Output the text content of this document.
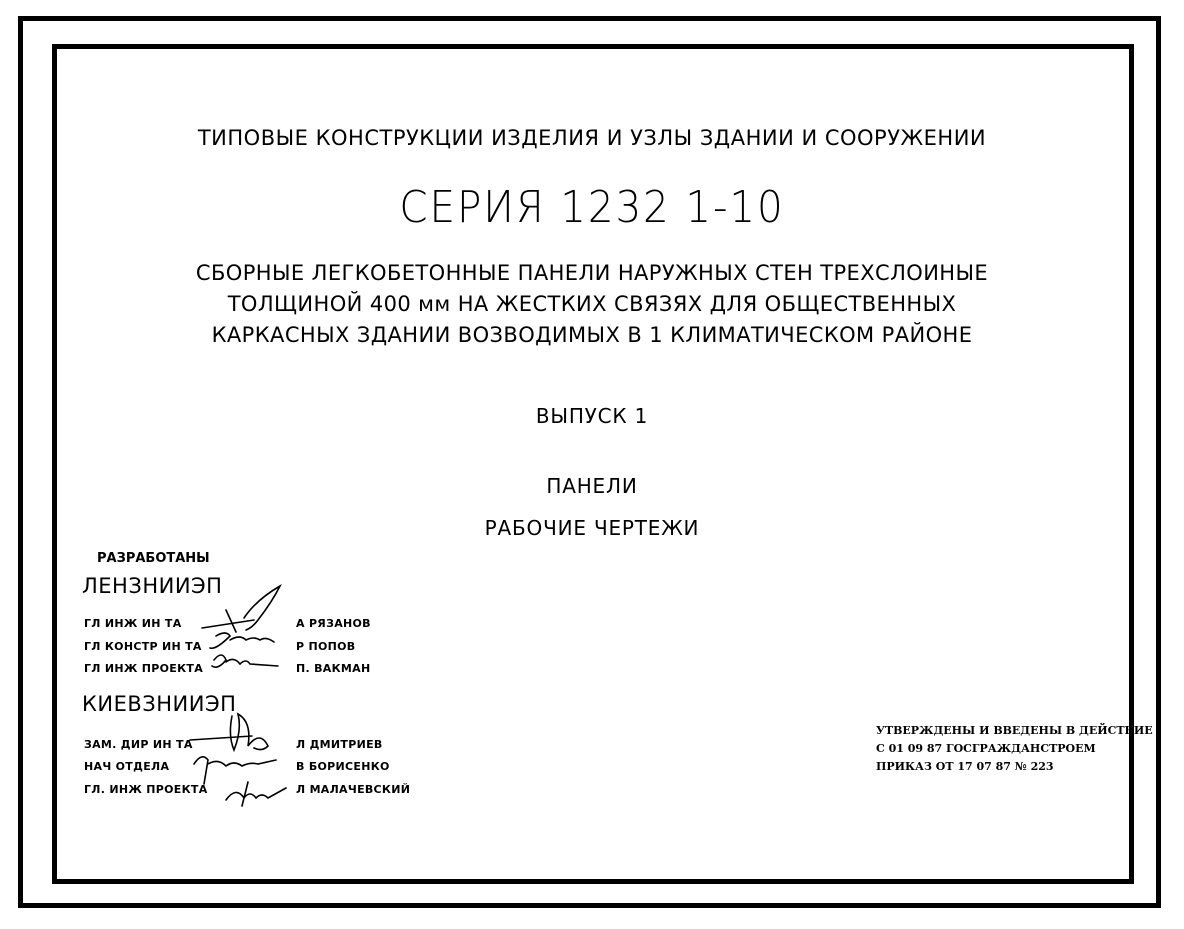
ТИПОВЫЕ КОНСТРУКЦИИ ИЗДЕЛИЯ И УЗЛЫ ЗДАНИИ И СООРУЖЕНИИ
СЕРИЯ 1232 1-10
СБОРНЫЕ ЛЕГКОБЕТОННЫЕ ПАНЕЛИ НАРУЖНЫХ СТЕН ТРЕХСЛОИНЫЕ
ТОЛЩИНОЙ 400 мм НА ЖЕСТКИХ СВЯЗЯХ ДЛЯ ОБЩЕСТВЕННЫХ
КАРКАСНЫХ ЗДАНИИ ВОЗВОДИМЫХ В 1 КЛИМАТИЧЕСКОМ РАЙОНЕ
ВЫПУСК 1
ПАНЕЛИ
РАБОЧИЕ ЧЕРТЕЖИ
РАЗРАБОТАНЫ
ЛЕНЗНИИЭП
ГЛ ИНЖ ИН ТА
ГЛ КОНСТР ИН ТА
ГЛ ИНЖ ПРОЕКТА
А РЯЗАНОВ
Р ПОПОВ
П. ВАКМАН
КИЕВЗНИИЭП
ЗАМ. ДИР ИН ТА
НАЧ ОТДЕЛА
ГЛ. ИНЖ ПРОЕКТА
Л ДМИТРИЕВ
В БОРИСЕНКО
Л МАЛАЧЕВСКИЙ
УТВЕРЖДЕНЫ И ВВЕДЕНЫ В ДЕЙСТВИЕ
С 01 09 87 ГОСГРАЖДАНСТРОЕМ
ПРИКАЗ ОТ 17 07 87 № 223
